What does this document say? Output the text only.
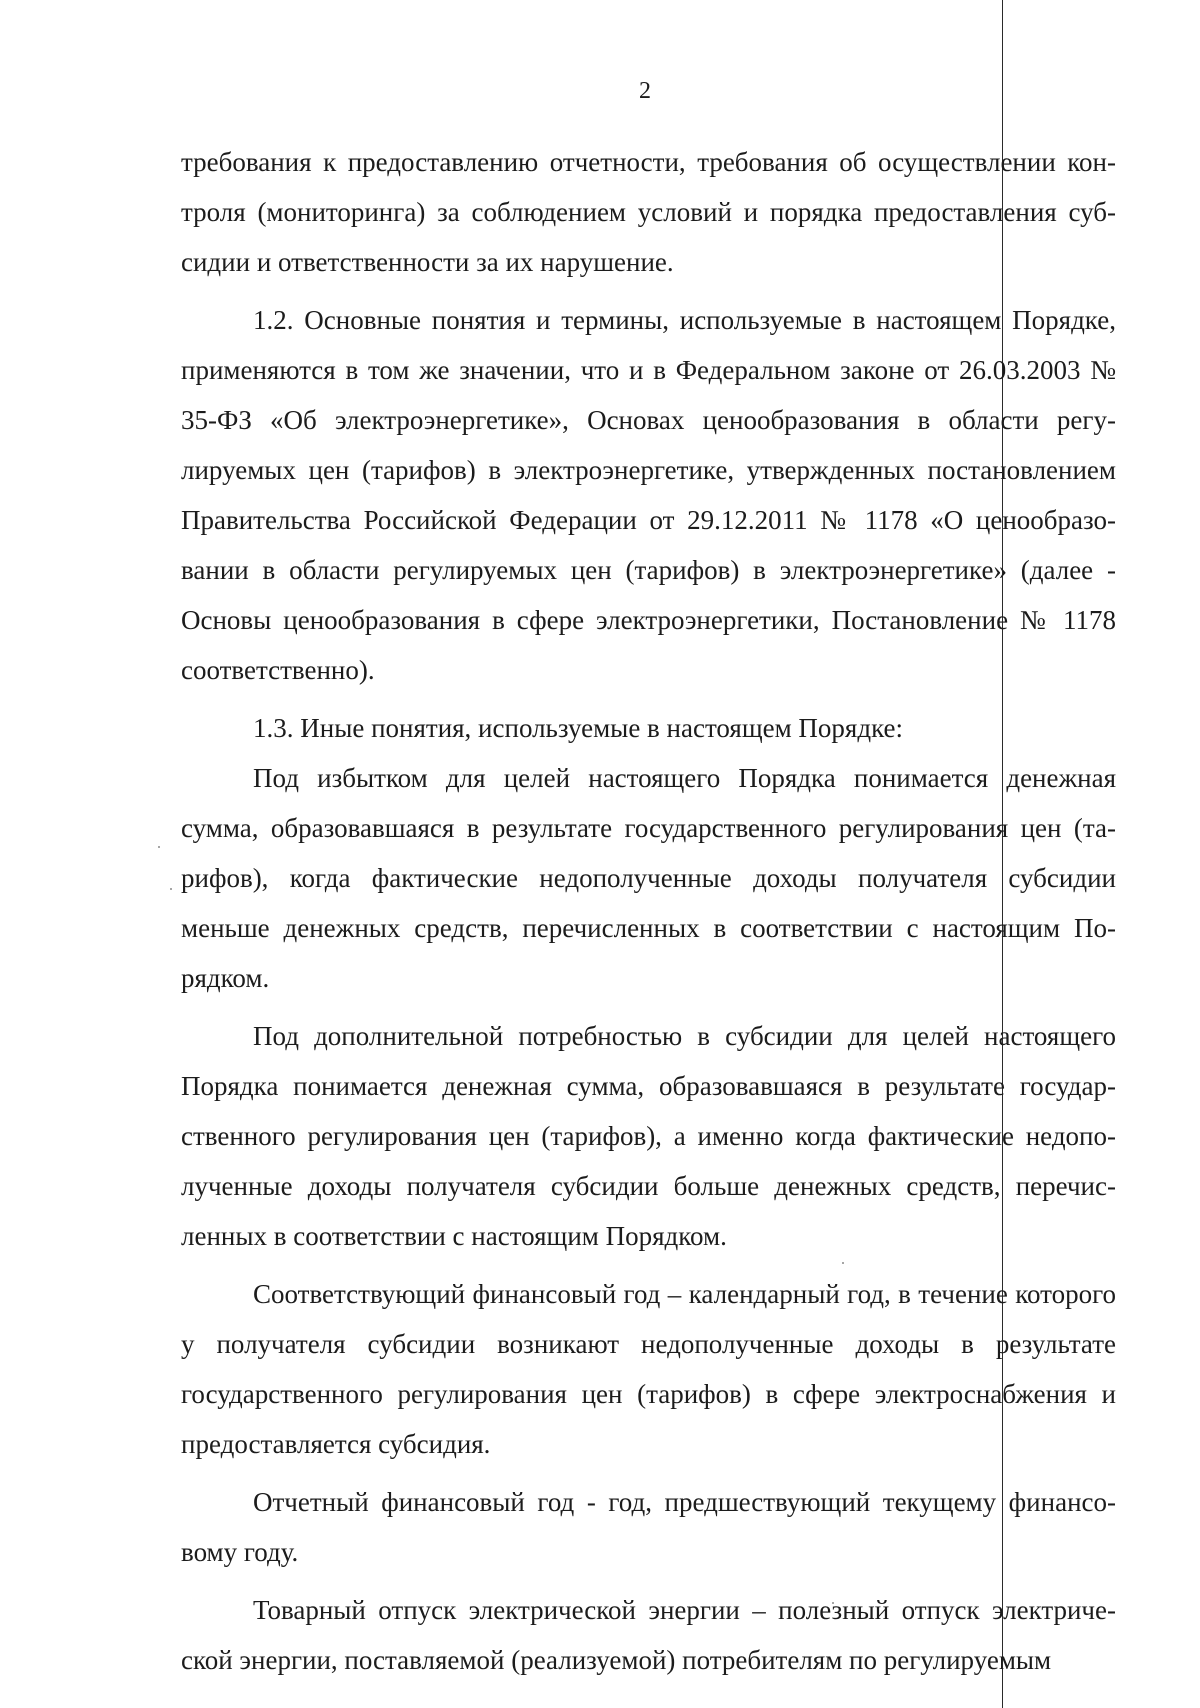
2

требования к предоставлению отчетности, требования об осуществлении контроля (мониторинга) за соблюдением условий и порядка предоставления субсидии и ответственности за их нарушение.

1.2. Основные понятия и термины, используемые в настоящем Порядке, применяются в том же значении, что и в Федеральном законе от 26.03.2003 № 35-ФЗ «Об электроэнергетике», Основах ценообразования в области регулируемых цен (тарифов) в электроэнергетике, утвержденных постановлением Правительства Российской Федерации от 29.12.2011 № 1178 «О ценообразовании в области регулируемых цен (тарифов) в электроэнергетике» (далее - Основы ценообразования в сфере электроэнергетики, Постановление № 1178 соответственно).

1.3. Иные понятия, используемые в настоящем Порядке:

Под избытком для целей настоящего Порядка понимается денежная сумма, образовавшаяся в результате государственного регулирования цен (тарифов), когда фактические недополученные доходы получателя субсидии меньше денежных средств, перечисленных в соответствии с настоящим Порядком.

Под дополнительной потребностью в субсидии для целей настоящего Порядка понимается денежная сумма, образовавшаяся в результате государственного регулирования цен (тарифов), а именно когда фактические недополученные доходы получателя субсидии больше денежных средств, перечисленных в соответствии с настоящим Порядком.

Соответствующий финансовый год – календарный год, в течение которого у получателя субсидии возникают недополученные доходы в результате государственного регулирования цен (тарифов) в сфере электроснабжения и предоставляется субсидия.

Отчетный финансовый год - год, предшествующий текущему финансовому году.

Товарный отпуск электрической энергии – полезный отпуск электрической энергии, поставляемой (реализуемой) потребителям по регулируемым
